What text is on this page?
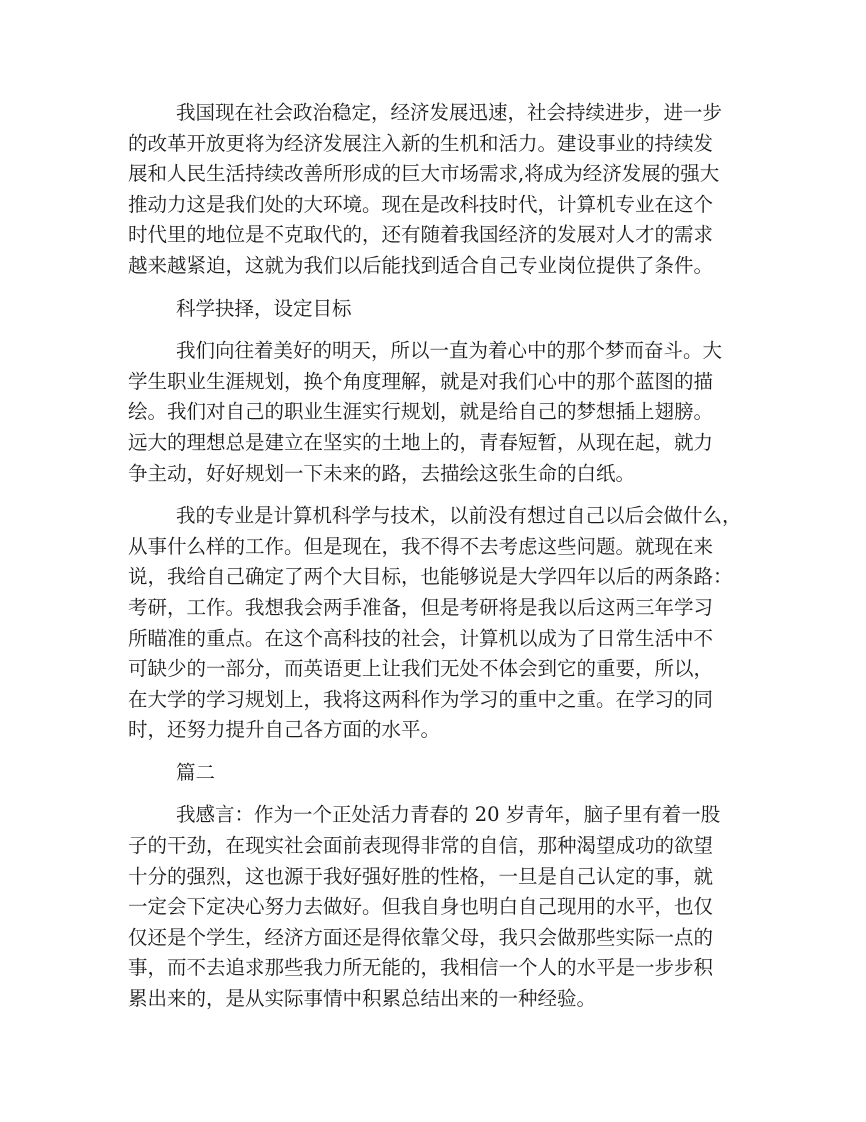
我国现在社会政治稳定，经济发展迅速，社会持续进步，进一步
的改革开放更将为经济发展注入新的生机和活力。建设事业的持续发
展和人民生活持续改善所形成的巨大市场需求,将成为经济发展的强大
推动力这是我们处的大环境。现在是改科技时代，计算机专业在这个
时代里的地位是不克取代的，还有随着我国经济的发展对人才的需求
越来越紧迫，这就为我们以后能找到适合自己专业岗位提供了条件。
科学抉择，设定目标
我们向往着美好的明天，所以一直为着心中的那个梦而奋斗。大
学生职业生涯规划，换个角度理解，就是对我们心中的那个蓝图的描
绘。我们对自己的职业生涯实行规划，就是给自己的梦想插上翅膀。
远大的理想总是建立在坚实的土地上的，青春短暂，从现在起，就力
争主动，好好规划一下未来的路，去描绘这张生命的白纸。
我的专业是计算机科学与技术，以前没有想过自己以后会做什么，
从事什么样的工作。但是现在，我不得不去考虑这些问题。就现在来
说，我给自己确定了两个大目标，也能够说是大学四年以后的两条路：
考研，工作。我想我会两手准备，但是考研将是我以后这两三年学习
所瞄准的重点。在这个高科技的社会，计算机以成为了日常生活中不
可缺少的一部分，而英语更上让我们无处不体会到它的重要，所以，
在大学的学习规划上，我将这两科作为学习的重中之重。在学习的同
时，还努力提升自己各方面的水平。
篇二
我感言：作为一个正处活力青春的 20 岁青年，脑子里有着一股
子的干劲，在现实社会面前表现得非常的自信，那种渴望成功的欲望
十分的强烈，这也源于我好强好胜的性格，一旦是自己认定的事，就
一定会下定决心努力去做好。但我自身也明白自己现用的水平，也仅
仅还是个学生，经济方面还是得依靠父母，我只会做那些实际一点的
事，而不去追求那些我力所无能的，我相信一个人的水平是一步步积
累出来的，是从实际事情中积累总结出来的一种经验。
